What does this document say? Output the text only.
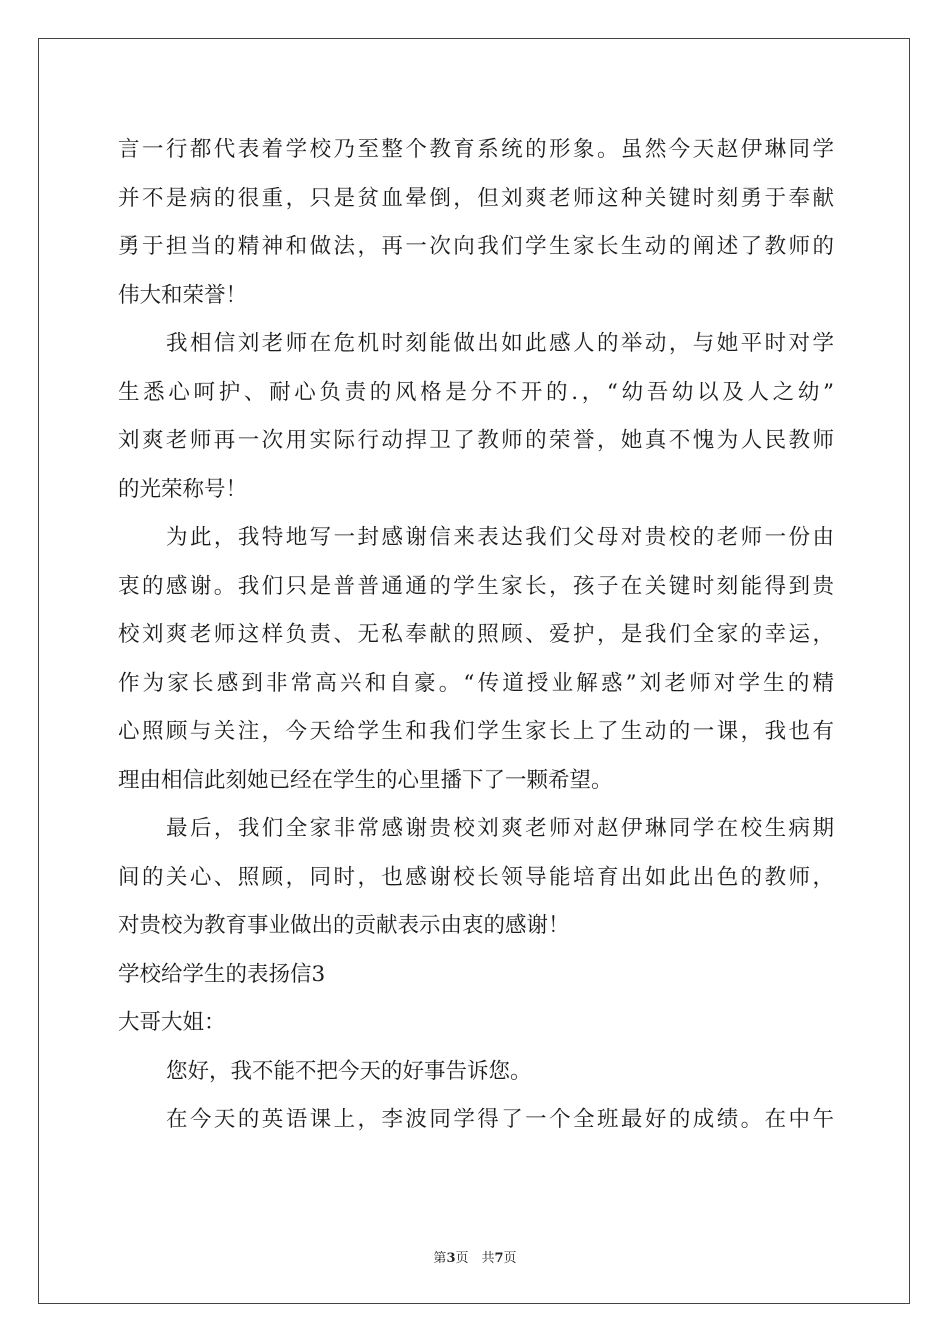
言一行都代表着学校乃至整个教育系统的形象。虽然今天赵伊琳同学
并不是病的很重，只是贫血晕倒，但刘爽老师这种关键时刻勇于奉献
勇于担当的精神和做法，再一次向我们学生家长生动的阐述了教师的
伟大和荣誉！
我相信刘老师在危机时刻能做出如此感人的举动，与她平时对学
生悉心呵护、耐心负责的风格是分不开的.，“幼吾幼以及人之幼”
刘爽老师再一次用实际行动捍卫了教师的荣誉，她真不愧为人民教师
的光荣称号！
为此，我特地写一封感谢信来表达我们父母对贵校的老师一份由
衷的感谢。我们只是普普通通的学生家长，孩子在关键时刻能得到贵
校刘爽老师这样负责、无私奉献的照顾、爱护，是我们全家的幸运，
作为家长感到非常高兴和自豪。“传道授业解惑”刘老师对学生的精
心照顾与关注，今天给学生和我们学生家长上了生动的一课，我也有
理由相信此刻她已经在学生的心里播下了一颗希望。
最后，我们全家非常感谢贵校刘爽老师对赵伊琳同学在校生病期
间的关心、照顾，同时，也感谢校长领导能培育出如此出色的教师，
对贵校为教育事业做出的贡献表示由衷的感谢！
学校给学生的表扬信3
大哥大姐：
您好，我不能不把今天的好事告诉您。
在今天的英语课上，李波同学得了一个全班最好的成绩。在中午
第3页　共7页
